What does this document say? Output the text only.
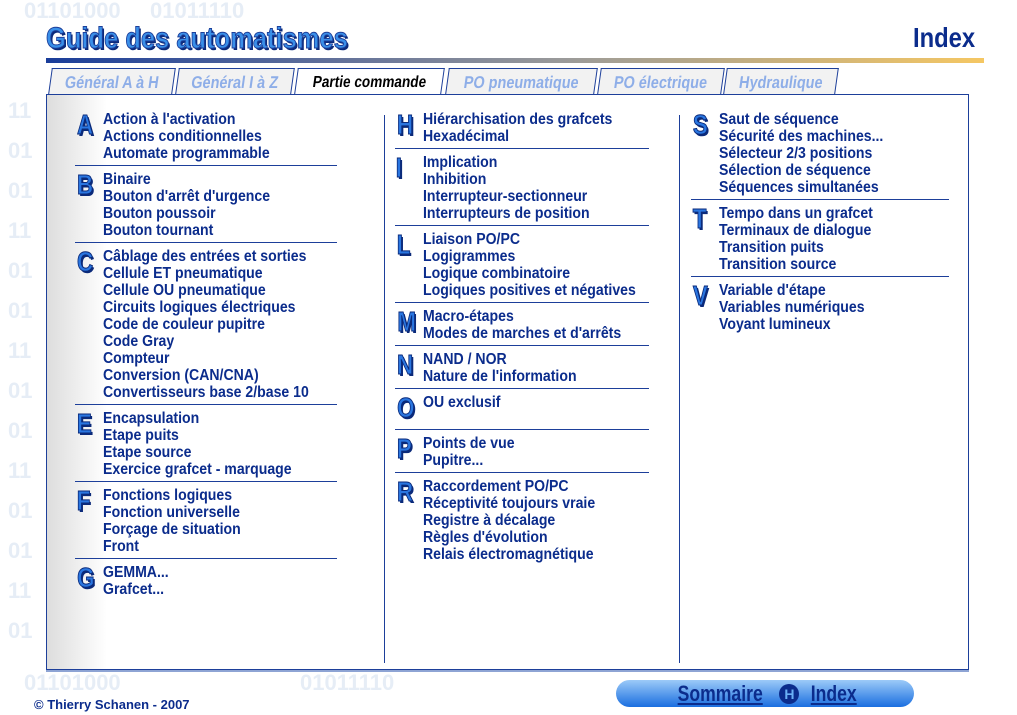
01101000 01011110
11
01
01
11
01
01
11
01
01
11
01
01
11
01
01101000	01011110
Guide des automatismes	Index
Général A à H	Général I à Z	Partie commande	PO pneumatique	PO électrique	Hydraulique
A Action à l'activation
Actions conditionnelles
Automate programmable
B Binaire
Bouton d'arrêt d'urgence
Bouton poussoir
Bouton tournant
C Câblage des entrées et sorties
Cellule ET pneumatique
Cellule OU pneumatique
Circuits logiques électriques
Code de couleur pupitre
Code Gray
Compteur
Conversion (CAN/CNA)
Convertisseurs base 2/base 10
E Encapsulation
Etape puits
Etape source
Exercice grafcet - marquage
F Fonctions logiques
Fonction universelle
Forçage de situation
Front
G GEMMA...
Grafcet...
H Hiérarchisation des grafcets
Hexadécimal
I Implication
Inhibition
Interrupteur-sectionneur
Interrupteurs de position
L Liaison PO/PC
Logigrammes
Logique combinatoire
Logiques positives et négatives
M Macro-étapes
Modes de marches et d'arrêts
N NAND / NOR
Nature de l'information
O OU exclusif
P Points de vue
Pupitre...
R Raccordement PO/PC
Réceptivité toujours vraie
Registre à décalage
Règles d'évolution
Relais électromagnétique
S Saut de séquence
Sécurité des machines...
Sélecteur 2/3 positions
Sélection de séquence
Séquences simultanées
T Tempo dans un grafcet
Terminaux de dialogue
Transition puits
Transition source
V Variable d'étape
Variables numériques
Voyant lumineux
© Thierry Schanen - 2007	Sommaire	H Index
